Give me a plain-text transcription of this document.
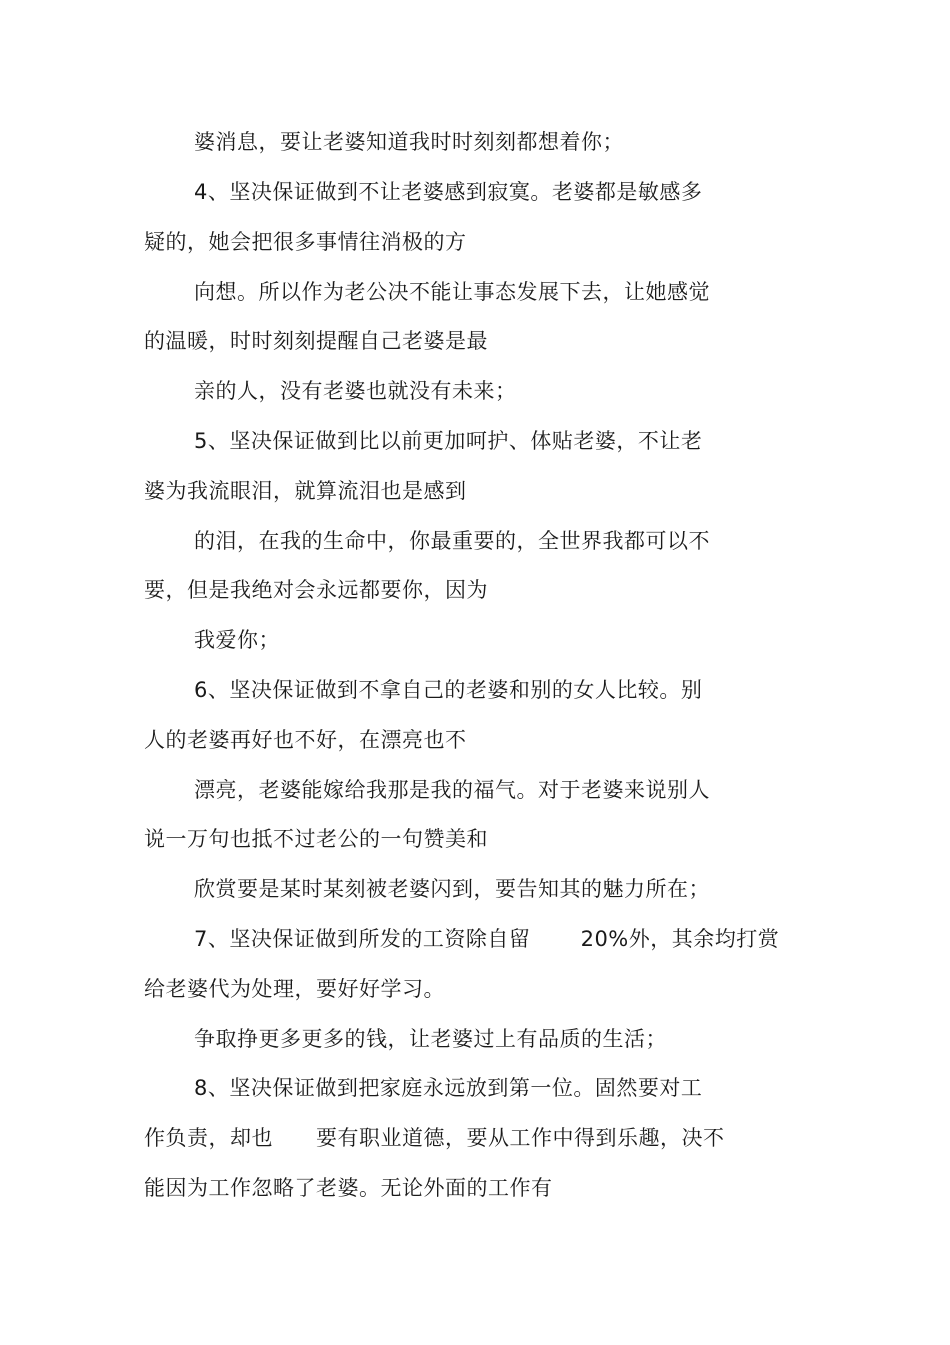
婆消息，要让老婆知道我时时刻刻都想着你；
4、坚决保证做到不让老婆感到寂寞。老婆都是敏感多
疑的，她会把很多事情往消极的方
向想。所以作为老公决不能让事态发展下去，让她感觉
的温暖，时时刻刻提醒自己老婆是最
亲的人，没有老婆也就没有未来；
5、坚决保证做到比以前更加呵护、体贴老婆，不让老
婆为我流眼泪，就算流泪也是感到
的泪，在我的生命中，你最重要的，全世界我都可以不
要，但是我绝对会永远都要你，因为
我爱你；
6、坚决保证做到不拿自己的老婆和别的女人比较。别
人的老婆再好也不好，在漂亮也不
漂亮，老婆能嫁给我那是我的福气。对于老婆来说别人
说一万句也抵不过老公的一句赞美和
欣赏要是某时某刻被老婆闪到，要告知其的魅力所在；
7、坚决保证做到所发的工资除自留       20%外，其余均打赏
给老婆代为处理，要好好学习。
争取挣更多更多的钱，让老婆过上有品质的生活；
8、坚决保证做到把家庭永远放到第一位。固然要对工
作负责，却也      要有职业道德，要从工作中得到乐趣，决不
能因为工作忽略了老婆。无论外面的工作有
